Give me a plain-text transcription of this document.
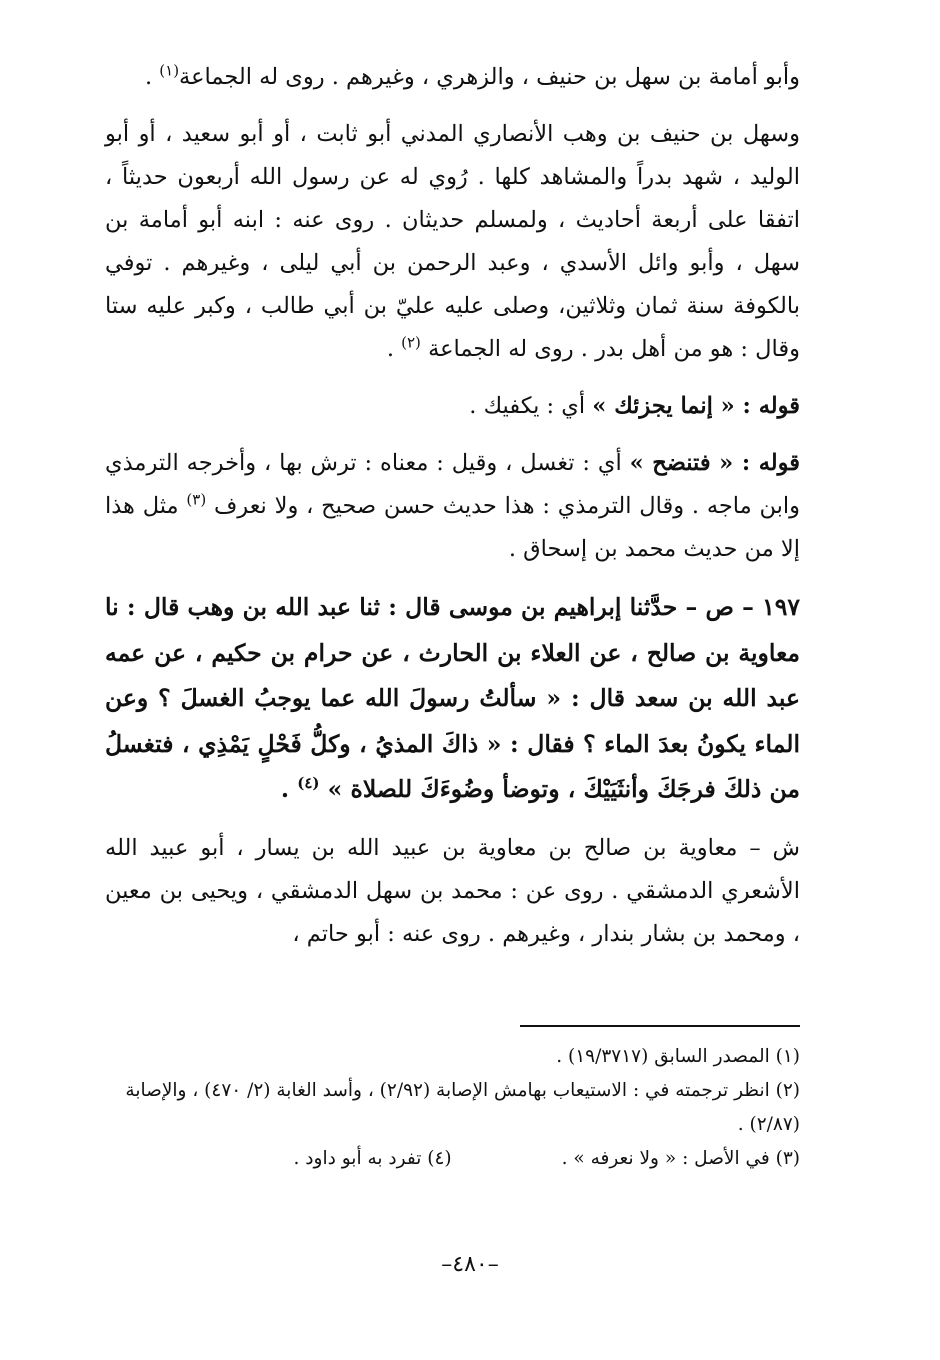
وأبو أمامة بن سهل بن حنيف ، والزهري ، وغيرهم . روى له الجماعة$^{(١)}$ .

وسهل بن حنيف بن وهب الأنصاري المدني أبو ثابت ، أو أبو سعيد ، أو أبو الوليد ، شهد بدراً والمشاهد كلها . رُوي له عن رسول الله أربعون حديثاً ، اتفقا على أربعة أحاديث ، ولمسلم حديثان . روى عنه : ابنه أبو أمامة بن سهل ، وأبو وائل الأسدي ، وعبد الرحمن بن أبي ليلى ، وغيرهم . توفي بالكوفة سنة ثمان وثلاثين، وصلى عليه عليّ بن أبي طالب ، وكبر عليه ستا وقال : هو من أهل بدر . روى له الجماعة $^{(٢)}$ .

قوله : « إنما يجزئك » أي : يكفيك .

قوله : « فتنضح » أي : تغسل ، وقيل : معناه : ترش بها ، وأخرجه الترمذي وابن ماجه . وقال الترمذي : هذا حديث حسن صحيح ، ولا نعرف $^{(٣)}$ مثل هذا إلا من حديث محمد بن إسحاق .

١٩٧ – ص – حدَّثنا إبراهيم بن موسى قال : ثنا عبد الله بن وهب قال : نا معاوية بن صالح ، عن العلاء بن الحارث ، عن حرام بن حكيم ، عن عمه عبد الله بن سعد قال : « سألتُ رسولَ الله عما يوجبُ الغسلَ ؟ وعن الماء يكونُ بعدَ الماء ؟ فقال : « ذاكَ المذيُ ، وكلُّ فَحْلٍ يَمْذِي ، فتغسلُ من ذلكَ فرجَكَ وأنثَيَيْكَ ، وتوضأ وضُوءَكَ للصلاة » $^{(٤)}$ .

ش – معاوية بن صالح بن معاوية بن عبيد الله بن يسار ، أبو عبيد الله الأشعري الدمشقي . روى عن : محمد بن سهل الدمشقي ، ويحيى بن معين ، ومحمد بن بشار بندار ، وغيرهم . روى عنه : أبو حاتم ،

(١) المصدر السابق (١٩/٣٧١٧) .

(٢) انظر ترجمته في : الاستيعاب بهامش الإصابة (٢/٩٢) ، وأسد الغابة (٢/ ٤٧٠) ، والإصابة (٢/٨٧) .

(٣) في الأصل : « ولا نعرفه » .

(٤) تفرد به أبو داود .

–٤٨٠–
